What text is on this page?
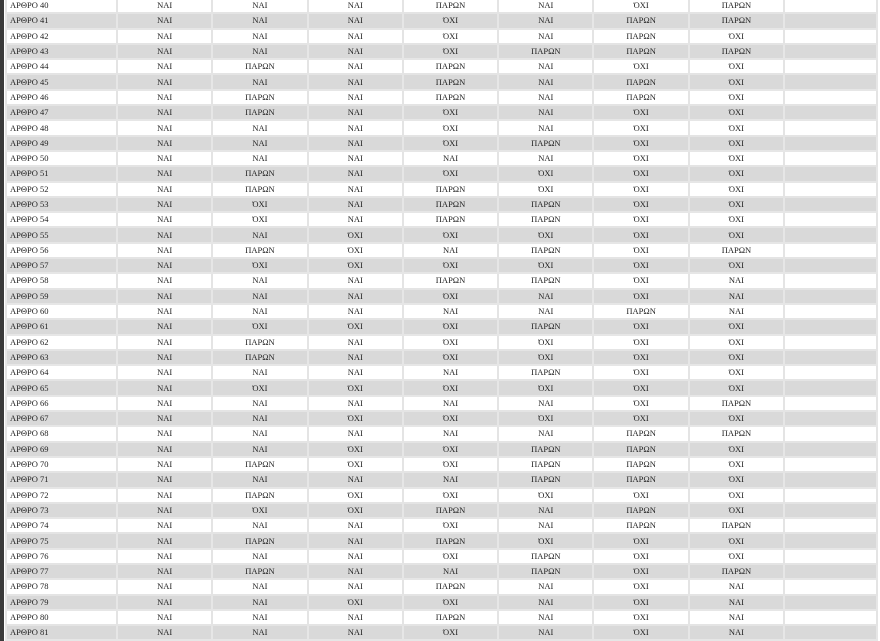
ΑΡΘΡΟ 40	ΝΑΙ	ΝΑΙ	ΝΑΙ	ΠΑΡΩΝ	ΝΑΙ	ΌΧΙ	ΠΑΡΩΝ	
ΑΡΘΡΟ 41	ΝΑΙ	ΝΑΙ	ΝΑΙ	ΌΧΙ	ΝΑΙ	ΠΑΡΩΝ	ΠΑΡΩΝ	
ΑΡΘΡΟ 42	ΝΑΙ	ΝΑΙ	ΝΑΙ	ΌΧΙ	ΝΑΙ	ΠΑΡΩΝ	ΌΧΙ	
ΑΡΘΡΟ 43	ΝΑΙ	ΝΑΙ	ΝΑΙ	ΌΧΙ	ΠΑΡΩΝ	ΠΑΡΩΝ	ΠΑΡΩΝ	
ΑΡΘΡΟ 44	ΝΑΙ	ΠΑΡΩΝ	ΝΑΙ	ΠΑΡΩΝ	ΝΑΙ	ΌΧΙ	ΌΧΙ	
ΑΡΘΡΟ 45	ΝΑΙ	ΝΑΙ	ΝΑΙ	ΠΑΡΩΝ	ΝΑΙ	ΠΑΡΩΝ	ΌΧΙ	
ΑΡΘΡΟ 46	ΝΑΙ	ΠΑΡΩΝ	ΝΑΙ	ΠΑΡΩΝ	ΝΑΙ	ΠΑΡΩΝ	ΌΧΙ	
ΑΡΘΡΟ 47	ΝΑΙ	ΠΑΡΩΝ	ΝΑΙ	ΌΧΙ	ΝΑΙ	ΌΧΙ	ΌΧΙ	
ΑΡΘΡΟ 48	ΝΑΙ	ΝΑΙ	ΝΑΙ	ΌΧΙ	ΝΑΙ	ΌΧΙ	ΌΧΙ	
ΑΡΘΡΟ 49	ΝΑΙ	ΝΑΙ	ΝΑΙ	ΌΧΙ	ΠΑΡΩΝ	ΌΧΙ	ΌΧΙ	
ΑΡΘΡΟ 50	ΝΑΙ	ΝΑΙ	ΝΑΙ	ΝΑΙ	ΝΑΙ	ΌΧΙ	ΌΧΙ	
ΑΡΘΡΟ 51	ΝΑΙ	ΠΑΡΩΝ	ΝΑΙ	ΌΧΙ	ΌΧΙ	ΌΧΙ	ΌΧΙ	
ΑΡΘΡΟ 52	ΝΑΙ	ΠΑΡΩΝ	ΝΑΙ	ΠΑΡΩΝ	ΌΧΙ	ΌΧΙ	ΌΧΙ	
ΑΡΘΡΟ 53	ΝΑΙ	ΌΧΙ	ΝΑΙ	ΠΑΡΩΝ	ΠΑΡΩΝ	ΌΧΙ	ΌΧΙ	
ΑΡΘΡΟ 54	ΝΑΙ	ΌΧΙ	ΝΑΙ	ΠΑΡΩΝ	ΠΑΡΩΝ	ΌΧΙ	ΌΧΙ	
ΑΡΘΡΟ 55	ΝΑΙ	ΝΑΙ	ΌΧΙ	ΌΧΙ	ΌΧΙ	ΌΧΙ	ΌΧΙ	
ΑΡΘΡΟ 56	ΝΑΙ	ΠΑΡΩΝ	ΌΧΙ	ΝΑΙ	ΠΑΡΩΝ	ΌΧΙ	ΠΑΡΩΝ	
ΑΡΘΡΟ 57	ΝΑΙ	ΌΧΙ	ΌΧΙ	ΌΧΙ	ΌΧΙ	ΌΧΙ	ΌΧΙ	
ΑΡΘΡΟ 58	ΝΑΙ	ΝΑΙ	ΝΑΙ	ΠΑΡΩΝ	ΠΑΡΩΝ	ΌΧΙ	ΝΑΙ	
ΑΡΘΡΟ 59	ΝΑΙ	ΝΑΙ	ΝΑΙ	ΌΧΙ	ΝΑΙ	ΌΧΙ	ΝΑΙ	
ΑΡΘΡΟ 60	ΝΑΙ	ΝΑΙ	ΝΑΙ	ΝΑΙ	ΝΑΙ	ΠΑΡΩΝ	ΝΑΙ	
ΑΡΘΡΟ 61	ΝΑΙ	ΌΧΙ	ΌΧΙ	ΌΧΙ	ΠΑΡΩΝ	ΌΧΙ	ΌΧΙ	
ΑΡΘΡΟ 62	ΝΑΙ	ΠΑΡΩΝ	ΝΑΙ	ΌΧΙ	ΌΧΙ	ΌΧΙ	ΌΧΙ	
ΑΡΘΡΟ 63	ΝΑΙ	ΠΑΡΩΝ	ΝΑΙ	ΌΧΙ	ΌΧΙ	ΌΧΙ	ΌΧΙ	
ΑΡΘΡΟ 64	ΝΑΙ	ΝΑΙ	ΝΑΙ	ΝΑΙ	ΠΑΡΩΝ	ΌΧΙ	ΌΧΙ	
ΑΡΘΡΟ 65	ΝΑΙ	ΌΧΙ	ΌΧΙ	ΌΧΙ	ΌΧΙ	ΌΧΙ	ΌΧΙ	
ΑΡΘΡΟ 66	ΝΑΙ	ΝΑΙ	ΝΑΙ	ΝΑΙ	ΝΑΙ	ΌΧΙ	ΠΑΡΩΝ	
ΑΡΘΡΟ 67	ΝΑΙ	ΝΑΙ	ΌΧΙ	ΌΧΙ	ΌΧΙ	ΌΧΙ	ΌΧΙ	
ΑΡΘΡΟ 68	ΝΑΙ	ΝΑΙ	ΝΑΙ	ΝΑΙ	ΝΑΙ	ΠΑΡΩΝ	ΠΑΡΩΝ	
ΑΡΘΡΟ 69	ΝΑΙ	ΝΑΙ	ΌΧΙ	ΌΧΙ	ΠΑΡΩΝ	ΠΑΡΩΝ	ΌΧΙ	
ΑΡΘΡΟ 70	ΝΑΙ	ΠΑΡΩΝ	ΌΧΙ	ΌΧΙ	ΠΑΡΩΝ	ΠΑΡΩΝ	ΌΧΙ	
ΑΡΘΡΟ 71	ΝΑΙ	ΝΑΙ	ΝΑΙ	ΝΑΙ	ΠΑΡΩΝ	ΠΑΡΩΝ	ΌΧΙ	
ΑΡΘΡΟ 72	ΝΑΙ	ΠΑΡΩΝ	ΌΧΙ	ΌΧΙ	ΌΧΙ	ΌΧΙ	ΌΧΙ	
ΑΡΘΡΟ 73	ΝΑΙ	ΌΧΙ	ΌΧΙ	ΠΑΡΩΝ	ΝΑΙ	ΠΑΡΩΝ	ΌΧΙ	
ΑΡΘΡΟ 74	ΝΑΙ	ΝΑΙ	ΝΑΙ	ΌΧΙ	ΝΑΙ	ΠΑΡΩΝ	ΠΑΡΩΝ	
ΑΡΘΡΟ 75	ΝΑΙ	ΠΑΡΩΝ	ΝΑΙ	ΠΑΡΩΝ	ΌΧΙ	ΌΧΙ	ΌΧΙ	
ΑΡΘΡΟ 76	ΝΑΙ	ΝΑΙ	ΝΑΙ	ΌΧΙ	ΠΑΡΩΝ	ΌΧΙ	ΌΧΙ	
ΑΡΘΡΟ 77	ΝΑΙ	ΠΑΡΩΝ	ΝΑΙ	ΝΑΙ	ΠΑΡΩΝ	ΌΧΙ	ΠΑΡΩΝ	
ΑΡΘΡΟ 78	ΝΑΙ	ΝΑΙ	ΝΑΙ	ΠΑΡΩΝ	ΝΑΙ	ΌΧΙ	ΝΑΙ	
ΑΡΘΡΟ 79	ΝΑΙ	ΝΑΙ	ΌΧΙ	ΌΧΙ	ΝΑΙ	ΌΧΙ	ΝΑΙ	
ΑΡΘΡΟ 80	ΝΑΙ	ΝΑΙ	ΝΑΙ	ΠΑΡΩΝ	ΝΑΙ	ΌΧΙ	ΝΑΙ	
ΑΡΘΡΟ 81	ΝΑΙ	ΝΑΙ	ΝΑΙ	ΌΧΙ	ΝΑΙ	ΌΧΙ	ΝΑΙ	
